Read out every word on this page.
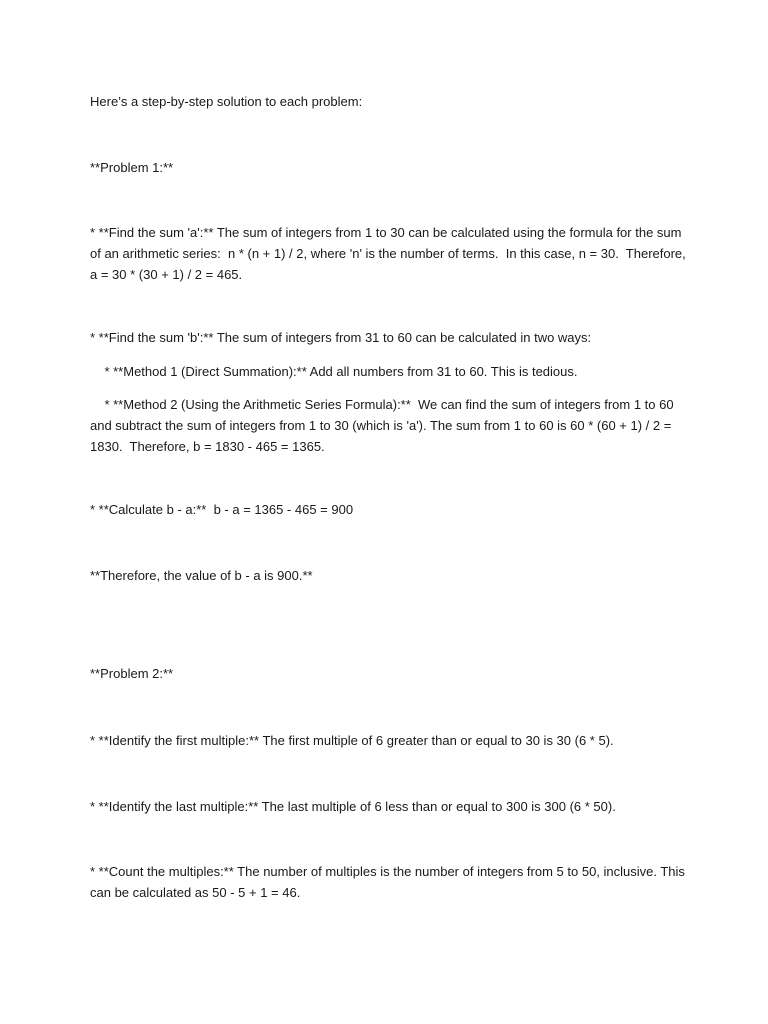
Here’s a step-by-step solution to each problem:

**Problem 1:**

* **Find the sum 'a':** The sum of integers from 1 to 30 can be calculated using the formula for the sum of an arithmetic series:  n * (n + 1) / 2, where 'n' is the number of terms.  In this case, n = 30.  Therefore, a = 30 * (30 + 1) / 2 = 465.

* **Find the sum 'b':** The sum of integers from 31 to 60 can be calculated in two ways:

* **Method 1 (Direct Summation):** Add all numbers from 31 to 60. This is tedious.

* **Method 2 (Using the Arithmetic Series Formula):**  We can find the sum of integers from 1 to 60 and subtract the sum of integers from 1 to 30 (which is 'a'). The sum from 1 to 60 is 60 * (60 + 1) / 2 = 1830.  Therefore, b = 1830 - 465 = 1365.

* **Calculate b - a:**  b - a = 1365 - 465 = 900

**Therefore, the value of b - a is 900.**

**Problem 2:**

* **Identify the first multiple:** The first multiple of 6 greater than or equal to 30 is 30 (6 * 5).

* **Identify the last multiple:** The last multiple of 6 less than or equal to 300 is 300 (6 * 50).

* **Count the multiples:** The number of multiples is the number of integers from 5 to 50, inclusive. This can be calculated as 50 - 5 + 1 = 46.
